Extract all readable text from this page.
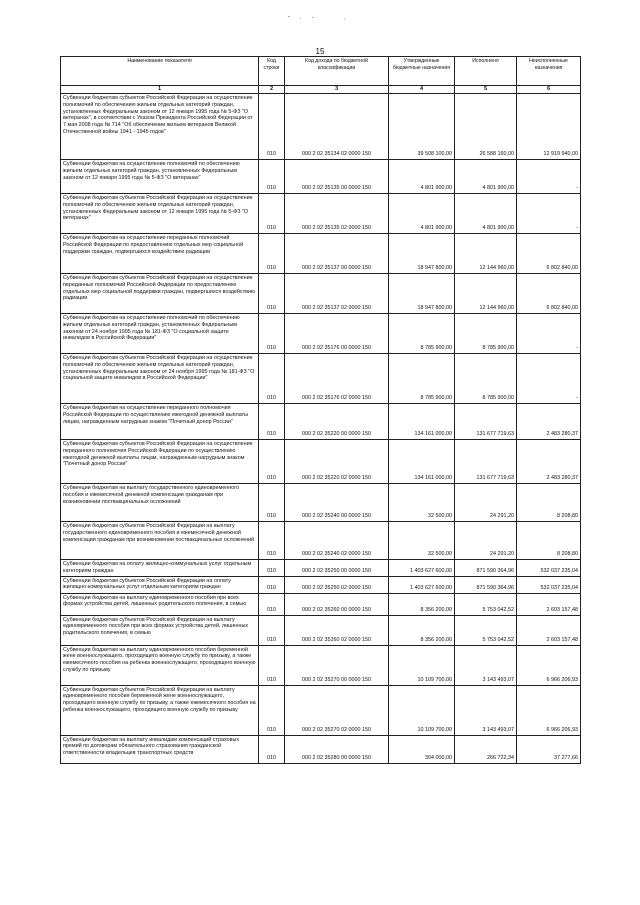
15
Наименование показателя	Код строки	Код дохода по бюджетной классификации	Утвержденные бюджетные назначения	Исполнено	Неисполненные назначения
1	2	3	4	5	6
Субвенции бюджетам субъектов Российской Федерации на осуществление полномочий по обеспечению жильем отдельных категорий граждан, установленных Федеральным законом от 12 января 1995 года № 5-ФЗ "О ветеранах", в соответствии с Указом Президента Российской Федерации от 7 мая 2008 года № 714 "Об обеспечении жильем ветеранов Великой Отечественной войны 1941 - 1945 годов"	010	000 2 02 35134 02 0000 150	39 508 100,00	26 588 160,00	12 919 940,00
Субвенции бюджетам на осуществление полномочий по обеспечению жильем отдельных категорий граждан, установленных Федеральным законом от 12 января 1995 года № 5-ФЗ "О ветеранах"	010	000 2 02 35135 00 0000 150	4 801 900,00	4 801 900,00	-
Субвенции бюджетам субъектов Российской Федерации на осуществление полномочий по обеспечению жильем отдельных категорий граждан, установленных Федеральным законом от 12 января 1995 года № 5-ФЗ "О ветеранах"	010	000 2 02 35135 02 0000 150	4 801 900,00	4 801 900,00	-
Субвенции бюджетам на осуществление переданных полномочий Российской Федерации по предоставлению отдельных мер социальной поддержки граждан, подвергшихся воздействию радиации	010	000 2 02 35137 00 0000 150	18 947 800,00	12 144 960,00	6 802 840,00
Субвенции бюджетам субъектов Российской Федерации на осуществление переданных полномочий Российской Федерации по предоставлению отдельных мер социальной поддержки граждан, подвергшихся воздействию радиации	010	000 2 02 35137 02 0000 150	18 947 800,00	12 144 960,00	6 802 840,00
Субвенции бюджетам на осуществление полномочий по обеспечению жильем отдельных категорий граждан, установленных Федеральным законом от 24 ноября 1995 года № 181-ФЗ "О социальной защите инвалидов в Российской Федерации"	010	000 2 02 35176 00 0000 150	8 785 900,00	8 785 900,00	-
Субвенции бюджетам субъектов Российской Федерации на осуществление полномочий по обеспечению жильем отдельных категорий граждан, установленных Федеральным законом от 24 ноября 1995 года № 181-ФЗ "О социальной защите инвалидов в Российской Федерации"	010	000 2 02 35176 02 0000 150	8 785 900,00	8 785 900,00	-
Субвенции бюджетам на осуществление переданного полномочия Российской Федерации по осуществлению ежегодной денежной выплаты лицам, награжденным нагрудным знаком "Почетный донор России"	010	000 2 02 35220 00 0000 150	134 161 000,00	131 677 719,63	2 483 280,37
Субвенции бюджетам субъектов Российской Федерации на осуществление переданного полномочия Российской Федерации по осуществлению ежегодной денежной выплаты лицам, награжденным нагрудным знаком "Почетный донор России"	010	000 2 02 35220 02 0000 150	134 161 000,00	131 677 719,63	2 483 280,37
Субвенции бюджетам на выплату государственного единовременного пособия и ежемесячной денежной компенсации гражданам при возникновении поствакцинальных осложнений	010	000 2 02 35240 00 0000 150	32 500,00	24 291,20	8 208,80
Субвенции бюджетам субъектов Российской Федерации на выплату государственного единовременного пособия и ежемесячной денежной компенсации гражданам при возникновении поствакцинальных осложнений	010	000 2 02 35240 02 0000 150	32 500,00	24 291,20	8 208,80
Субвенции бюджетам на оплату жилищно-коммунальных услуг отдельным категориям граждан	010	000 2 02 35250 00 0000 150	1 403 627 600,00	871 590 364,96	532 037 235,04
Субвенции бюджетам субъектов Российской Федерации на оплату жилищно-коммунальных услуг отдельным категориям граждан	010	000 2 02 35250 02 0000 150	1 403 627 600,00	871 590 364,96	532 037 235,04
Субвенции бюджетам на выплату единовременного пособия при всех формах устройства детей, лишенных родительского попечения, в семью	010	000 2 02 35260 00 0000 150	8 356 200,00	5 753 042,52	2 603 157,48
Субвенции бюджетам субъектов Российской Федерации на выплату единовременного пособия при всех формах устройства детей, лишенных родительского попечения, в семью	010	000 2 02 35260 02 0000 150	8 356 200,00	5 753 042,52	2 603 157,48
Субвенции бюджетам на выплату единовременного пособия беременной жене военнослужащего, проходящего военную службу по призыву, а также ежемесячного пособия на ребенка военнослужащего, проходящего военную службу по призыву	010	000 2 02 35270 00 0000 150	10 109 700,00	3 143 493,07	6 966 206,93
Субвенции бюджетам субъектов Российской Федерации на выплату единовременного пособия беременной жене военнослужащего, проходящего военную службу по призыву, а также ежемесячного пособия на ребенка военнослужащего, проходящего военную службу по призыву	010	000 2 02 35270 02 0000 150	10 109 700,00	3 143 493,07	6 966 206,93
Субвенции бюджетам на выплату инвалидам компенсаций страховых премий по договорам обязательного страхования гражданской ответственности владельцев транспортных средств	010	000 2 02 35280 00 0000 150	304 000,00	266 722,34	37 277,66
